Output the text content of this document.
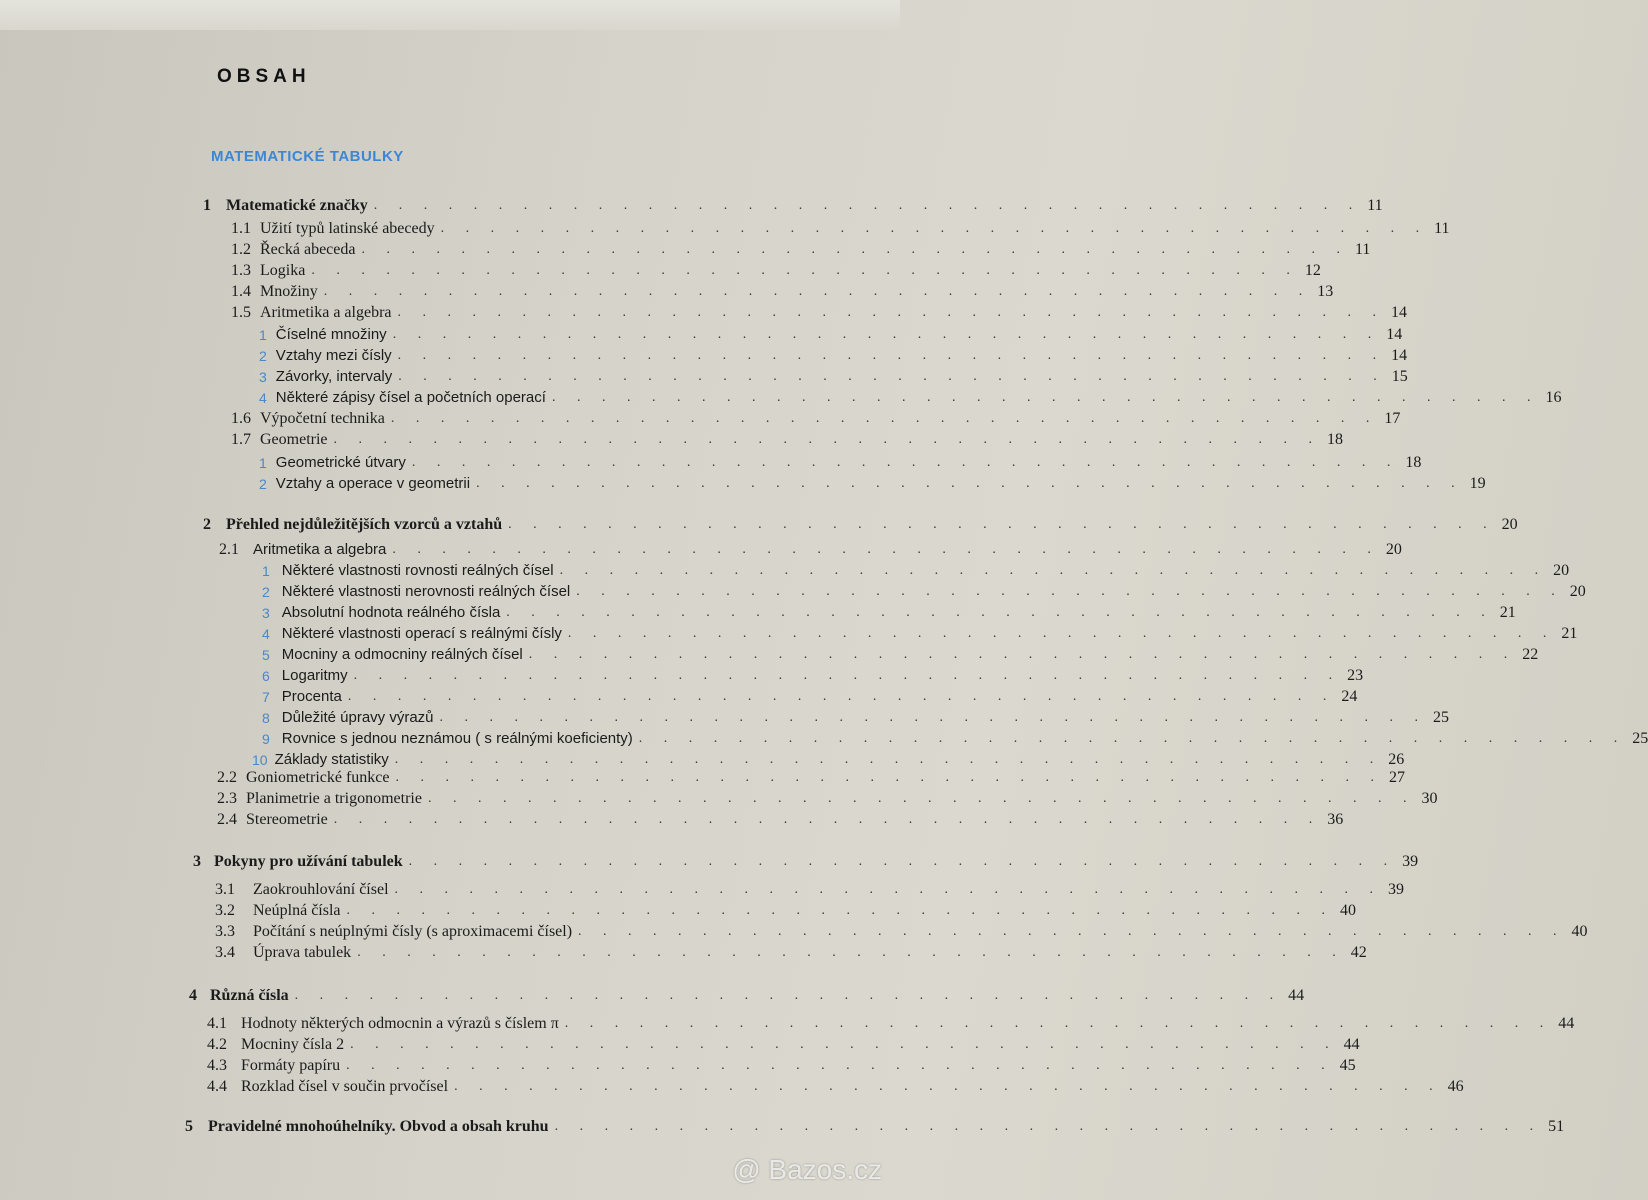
OBSAH
MATEMATICKÉ TABULKY
1 Matematické značky . . . . . . . . . . . . . . . . . . . . . . . . . . . . . . . . . . . . . . . . 11
1.1 Užití typů latinské abecedy . . . . . . . . . . . . . . . . . . . . . . . . . . . . . . . . . . . . . . . . 11
1.2 Řecká abeceda . . . . . . . . . . . . . . . . . . . . . . . . . . . . . . . . . . . . . . . . 11
1.3 Logika . . . . . . . . . . . . . . . . . . . . . . . . . . . . . . . . . . . . . . . . 12
1.4 Množiny . . . . . . . . . . . . . . . . . . . . . . . . . . . . . . . . . . . . . . . . 13
1.5 Aritmetika a algebra . . . . . . . . . . . . . . . . . . . . . . . . . . . . . . . . . . . . . . . . 14
1 Číselné množiny . . . . . . . . . . . . . . . . . . . . . . . . . . . . . . . . . . . . . . . . 14
2 Vztahy mezi čísly . . . . . . . . . . . . . . . . . . . . . . . . . . . . . . . . . . . . . . . . 14
3 Závorky, intervaly . . . . . . . . . . . . . . . . . . . . . . . . . . . . . . . . . . . . . . . . 15
4 Některé zápisy čísel a početních operací . . . . . . . . . . . . . . . . . . . . . . . . . . . . . . . . . . . . . . . . 16
1.6 Výpočetní technika . . . . . . . . . . . . . . . . . . . . . . . . . . . . . . . . . . . . . . . . 17
1.7 Geometrie . . . . . . . . . . . . . . . . . . . . . . . . . . . . . . . . . . . . . . . . 18
1 Geometrické útvary . . . . . . . . . . . . . . . . . . . . . . . . . . . . . . . . . . . . . . . . 18
2 Vztahy a operace v geometrii . . . . . . . . . . . . . . . . . . . . . . . . . . . . . . . . . . . . . . . . 19
2 Přehled nejdůležitějších vzorců a vztahů . . . . . . . . . . . . . . . . . . . . . . . . . . . . . . . . . . . . . . . . 20
2.1 Aritmetika a algebra . . . . . . . . . . . . . . . . . . . . . . . . . . . . . . . . . . . . . . . . 20
1 Některé vlastnosti rovnosti reálných čísel . . . . . . . . . . . . . . . . . . . . . . . . . . . . . . . . . . . . . . . . 20
2 Některé vlastnosti nerovnosti reálných čísel . . . . . . . . . . . . . . . . . . . . . . . . . . . . . . . . . . . . . . . . 20
3 Absolutní hodnota reálného čísla . . . . . . . . . . . . . . . . . . . . . . . . . . . . . . . . . . . . . . . . 21
4 Některé vlastnosti operací s reálnými čísly . . . . . . . . . . . . . . . . . . . . . . . . . . . . . . . . . . . . . . . . 21
5 Mocniny a odmocniny reálných čísel . . . . . . . . . . . . . . . . . . . . . . . . . . . . . . . . . . . . . . . . 22
6 Logaritmy . . . . . . . . . . . . . . . . . . . . . . . . . . . . . . . . . . . . . . . . 23
7 Procenta . . . . . . . . . . . . . . . . . . . . . . . . . . . . . . . . . . . . . . . . 24
8 Důležité úpravy výrazů . . . . . . . . . . . . . . . . . . . . . . . . . . . . . . . . . . . . . . . . 25
9 Rovnice s jednou neznámou ( s reálnými koeficienty) . . . . . . . . . . . . . . . . . . . . . . . . . . . . . . . . . . . . . . . . 25
10 Základy statistiky . . . . . . . . . . . . . . . . . . . . . . . . . . . . . . . . . . . . . . . . 26
2.2 Goniometrické funkce . . . . . . . . . . . . . . . . . . . . . . . . . . . . . . . . . . . . . . . . 27
2.3 Planimetrie a trigonometrie . . . . . . . . . . . . . . . . . . . . . . . . . . . . . . . . . . . . . . . . 30
2.4 Stereometrie . . . . . . . . . . . . . . . . . . . . . . . . . . . . . . . . . . . . . . . . 36
3 Pokyny pro užívání tabulek . . . . . . . . . . . . . . . . . . . . . . . . . . . . . . . . . . . . . . . . 39
3.1 Zaokrouhlování čísel . . . . . . . . . . . . . . . . . . . . . . . . . . . . . . . . . . . . . . . . 39
3.2 Neúplná čísla . . . . . . . . . . . . . . . . . . . . . . . . . . . . . . . . . . . . . . . . 40
3.3 Počítání s neúplnými čísly (s aproximacemi čísel) . . . . . . . . . . . . . . . . . . . . . . . . . . . . . . . . . . . . . . . . 40
3.4 Úprava tabulek . . . . . . . . . . . . . . . . . . . . . . . . . . . . . . . . . . . . . . . . 42
4 Různá čísla . . . . . . . . . . . . . . . . . . . . . . . . . . . . . . . . . . . . . . . . 44
4.1 Hodnoty některých odmocnin a výrazů s číslem π . . . . . . . . . . . . . . . . . . . . . . . . . . . . . . . . . . . . . . . . 44
4.2 Mocniny čísla 2 . . . . . . . . . . . . . . . . . . . . . . . . . . . . . . . . . . . . . . . . 44
4.3 Formáty papíru . . . . . . . . . . . . . . . . . . . . . . . . . . . . . . . . . . . . . . . . 45
4.4 Rozklad čísel v součin prvočísel . . . . . . . . . . . . . . . . . . . . . . . . . . . . . . . . . . . . . . . . 46
5 Pravidelné mnohoúhelníky. Obvod a obsah kruhu . . . . . . . . . . . . . . . . . . . . . . . . . . . . . . . . . . . . . . . . 51
@ Bazos.cz
